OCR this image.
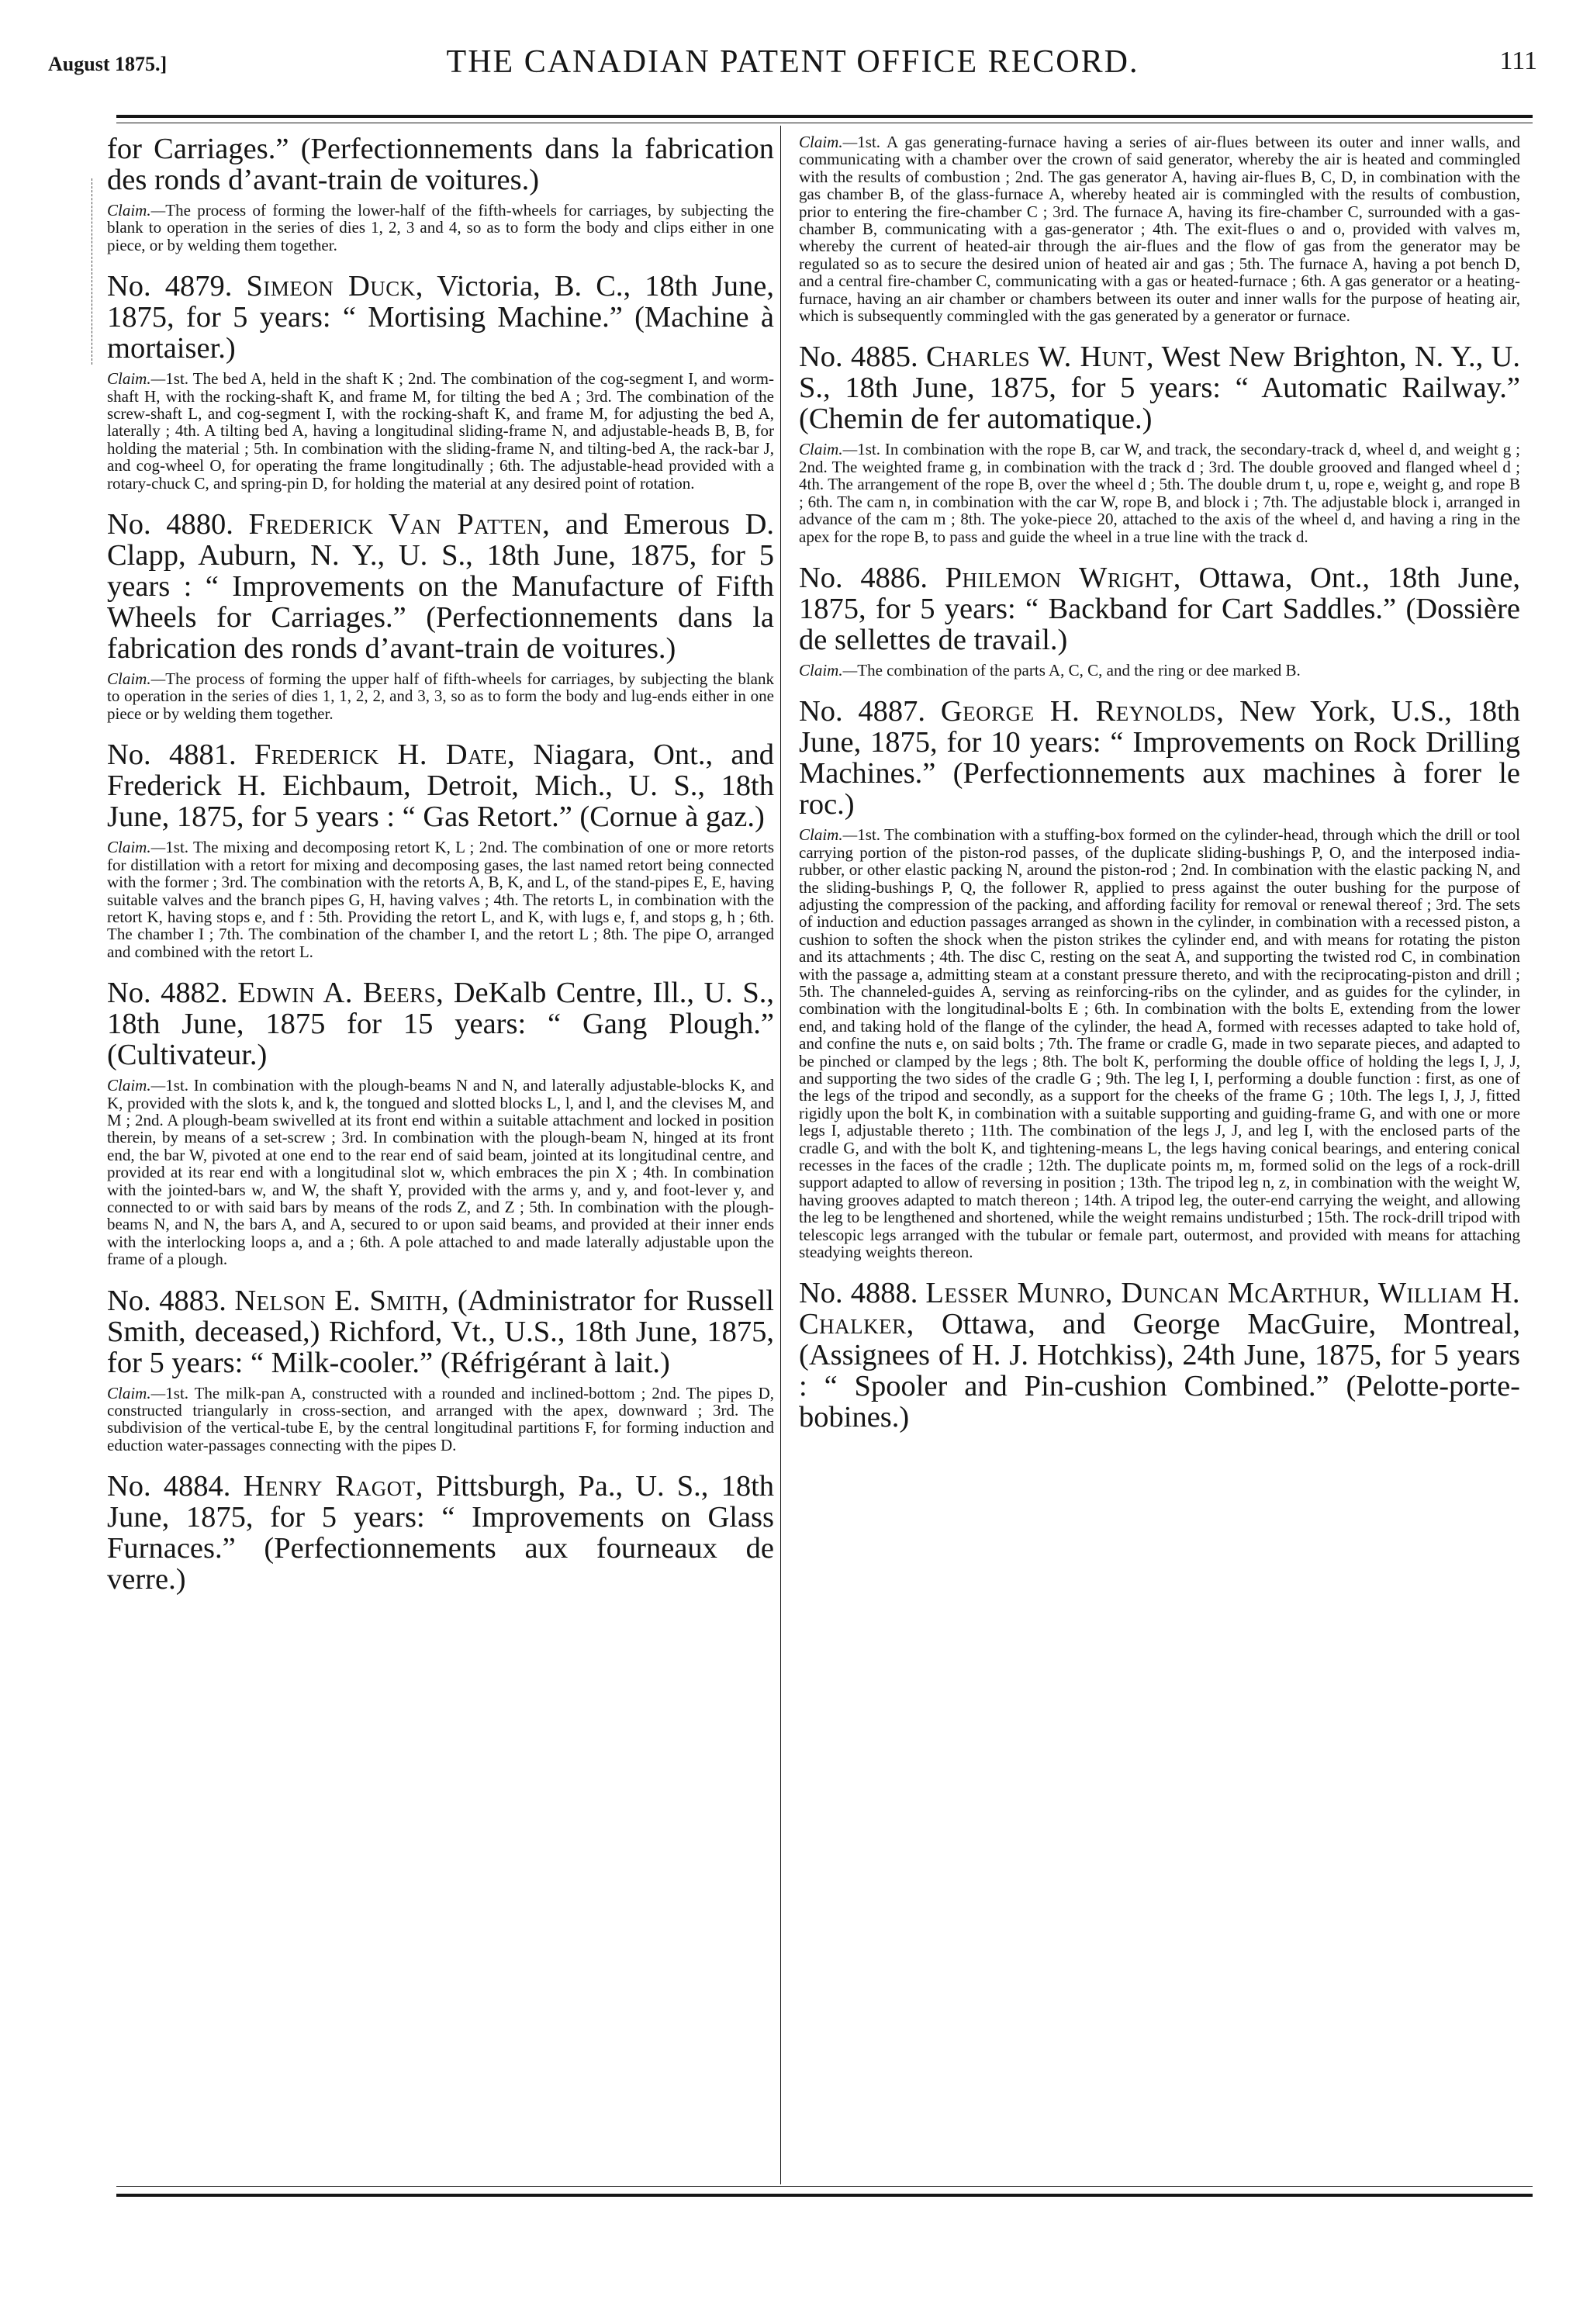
August 1875.]	THE CANADIAN PATENT OFFICE RECORD.	111

for Carriages.” (Perfectionnements dans la fabrication des ronds d’avant-train de voitures.)

Claim.—The process of forming the lower-half of the fifth-wheels for carriages, by subjecting the blank to operation in the series of dies 1, 2, 3 and 4, so as to form the body and clips either in one piece, or by welding them together.

No. 4879. Simeon Duck, Victoria, B. C., 18th June, 1875, for 5 years: “ Mortising Machine.” (Machine à mortaiser.)

Claim.—1st. The bed A, held in the shaft K ; 2nd. The combination of the cog-segment I, and worm-shaft H, with the rocking-shaft K, and frame M, for tilting the bed A ; 3rd. The combination of the screw-shaft L, and cog-segment I, with the rocking-shaft K, and frame M, for adjusting the bed A, laterally ; 4th. A tilting bed A, having a longitudinal sliding-frame N, and adjustable-heads B, B, for holding the material ; 5th. In combination with the sliding-frame N, and tilting-bed A, the rack-bar J, and cog-wheel O, for operating the frame longitudinally ; 6th. The adjustable-head provided with a rotary-chuck C, and spring-pin D, for holding the material at any desired point of rotation.

No. 4880. Frederick Van Patten, and Emerous D. Clapp, Auburn, N. Y., U. S., 18th June, 1875, for 5 years : “ Improvements on the Manufacture of Fifth Wheels for Carriages.” (Perfectionnements dans la fabrication des ronds d’avant-train de voitures.)

Claim.—The process of forming the upper half of fifth-wheels for carriages, by subjecting the blank to operation in the series of dies 1, 1, 2, 2, and 3, 3, so as to form the body and lug-ends either in one piece or by welding them together.

No. 4881. Frederick H. Date, Niagara, Ont., and Frederick H. Eichbaum, Detroit, Mich., U. S., 18th June, 1875, for 5 years : “ Gas Retort.” (Cornue à gaz.)

Claim.—1st. The mixing and decomposing retort K, L ; 2nd. The combination of one or more retorts for distillation with a retort for mixing and decomposing gases, the last named retort being connected with the former ; 3rd. The combination with the retorts A, B, K, and L, of the stand-pipes E, E, having suitable valves and the branch pipes G, H, having valves ; 4th. The retorts L, in combination with the retort K, having stops e, and f : 5th. Providing the retort L, and K, with lugs e, f, and stops g, h ; 6th. The chamber I ; 7th. The combination of the chamber I, and the retort L ; 8th. The pipe O, arranged and combined with the retort L.

No. 4882. Edwin A. Beers, DeKalb Centre, Ill., U. S., 18th June, 1875 for 15 years: “ Gang Plough.” (Cultivateur.)

Claim.—1st. In combination with the plough-beams N and N, and laterally adjustable-blocks K, and K, provided with the slots k, and k, the tongued and slotted blocks L, l, and l, and the clevises M, and M ; 2nd. A plough-beam swivelled at its front end within a suitable attachment and locked in position therein, by means of a set-screw ; 3rd. In combination with the plough-beam N, hinged at its front end, the bar W, pivoted at one end to the rear end of said beam, jointed at its longitudinal centre, and provided at its rear end with a longitudinal slot w, which embraces the pin X ; 4th. In combination with the jointed-bars w, and W, the shaft Y, provided with the arms y, and y, and foot-lever y, and connected to or with said bars by means of the rods Z, and Z ; 5th. In combination with the plough-beams N, and N, the bars A, and A, secured to or upon said beams, and provided at their inner ends with the interlocking loops a, and a ; 6th. A pole attached to and made laterally adjustable upon the frame of a plough.

No. 4883. Nelson E. Smith, (Administrator for Russell Smith, deceased,) Richford, Vt., U.S., 18th June, 1875, for 5 years: “ Milk-cooler.” (Réfrigérant à lait.)

Claim.—1st. The milk-pan A, constructed with a rounded and inclined-bottom ; 2nd. The pipes D, constructed triangularly in cross-section, and arranged with the apex, downward ; 3rd. The subdivision of the vertical-tube E, by the central longitudinal partitions F, for forming induction and eduction water-passages connecting with the pipes D.

No. 4884. Henry Ragot, Pittsburgh, Pa., U. S., 18th June, 1875, for 5 years: “ Improvements on Glass Furnaces.” (Perfectionnements aux fourneaux de verre.)

Claim.—1st. A gas generating-furnace having a series of air-flues between its outer and inner walls, and communicating with a chamber over the crown of said generator, whereby the air is heated and commingled with the results of combustion ; 2nd. The gas generator A, having air-flues B, C, D, in combination with the gas chamber B, of the glass-furnace A, whereby heated air is commingled with the results of combustion, prior to entering the fire-chamber C ; 3rd. The furnace A, having its fire-chamber C, surrounded with a gas-chamber B, communicating with a gas-generator ; 4th. The exit-flues o and o, provided with valves m, whereby the current of heated-air through the air-flues and the flow of gas from the generator may be regulated so as to secure the desired union of heated air and gas ; 5th. The furnace A, having a pot bench D, and a central fire-chamber C, communicating with a gas or heated-furnace ; 6th. A gas generator or a heating-furnace, having an air chamber or chambers between its outer and inner walls for the purpose of heating air, which is subsequently commingled with the gas generated by a generator or furnace.

No. 4885. Charles W. Hunt, West New Brighton, N. Y., U. S., 18th June, 1875, for 5 years: “ Automatic Railway.” (Chemin de fer automatique.)

Claim.—1st. In combination with the rope B, car W, and track, the secondary-track d, wheel d, and weight g ; 2nd. The weighted frame g, in combination with the track d ; 3rd. The double grooved and flanged wheel d ; 4th. The arrangement of the rope B, over the wheel d ; 5th. The double drum t, u, rope e, weight g, and rope B ; 6th. The cam n, in combination with the car W, rope B, and block i ; 7th. The adjustable block i, arranged in advance of the cam m ; 8th. The yoke-piece 20, attached to the axis of the wheel d, and having a ring in the apex for the rope B, to pass and guide the wheel in a true line with the track d.

No. 4886. Philemon Wright, Ottawa, Ont., 18th June, 1875, for 5 years: “ Backband for Cart Saddles.” (Dossière de sellettes de travail.)

Claim.—The combination of the parts A, C, C, and the ring or dee marked B.

No. 4887. George H. Reynolds, New York, U.S., 18th June, 1875, for 10 years: “ Improvements on Rock Drilling Machines.” (Perfectionnements aux machines à forer le roc.)

Claim.—1st. The combination with a stuffing-box formed on the cylinder-head, through which the drill or tool carrying portion of the piston-rod passes, of the duplicate sliding-bushings P, O, and the interposed india-rubber, or other elastic packing N, around the piston-rod ; 2nd. In combination with the elastic packing N, and the sliding-bushings P, Q, the follower R, applied to press against the outer bushing for the purpose of adjusting the compression of the packing, and affording facility for removal or renewal thereof ; 3rd. The sets of induction and eduction passages arranged as shown in the cylinder, in combination with a recessed piston, a cushion to soften the shock when the piston strikes the cylinder end, and with means for rotating the piston and its attachments ; 4th. The disc C, resting on the seat A, and supporting the twisted rod C, in combination with the passage a, admitting steam at a constant pressure thereto, and with the reciprocating-piston and drill ; 5th. The channeled-guides A, serving as reinforcing-ribs on the cylinder, and as guides for the cylinder, in combination with the longitudinal-bolts E ; 6th. In combination with the bolts E, extending from the lower end, and taking hold of the flange of the cylinder, the head A, formed with recesses adapted to take hold of, and confine the nuts e, on said bolts ; 7th. The frame or cradle G, made in two separate pieces, and adapted to be pinched or clamped by the legs ; 8th. The bolt K, performing the double office of holding the legs I, J, J, and supporting the two sides of the cradle G ; 9th. The leg I, I, performing a double function : first, as one of the legs of the tripod and secondly, as a support for the cheeks of the frame G ; 10th. The legs I, J, J, fitted rigidly upon the bolt K, in combination with a suitable supporting and guiding-frame G, and with one or more legs I, adjustable thereto ; 11th. The combination of the legs J, J, and leg I, with the enclosed parts of the cradle G, and with the bolt K, and tightening-means L, the legs having conical bearings, and entering conical recesses in the faces of the cradle ; 12th. The duplicate points m, m, formed solid on the legs of a rock-drill support adapted to allow of reversing in position ; 13th. The tripod leg n, z, in combination with the weight W, having grooves adapted to match thereon ; 14th. A tripod leg, the outer-end carrying the weight, and allowing the leg to be lengthened and shortened, while the weight remains undisturbed ; 15th. The rock-drill tripod with telescopic legs arranged with the tubular or female part, outermost, and provided with means for attaching steadying weights thereon.

No. 4888. Lesser Munro, Duncan McArthur, William H. Chalker, Ottawa, and George MacGuire, Montreal, (Assignees of H. J. Hotchkiss), 24th June, 1875, for 5 years : “ Spooler and Pin-cushion Combined.” (Pelotte-porte-bobines.)
